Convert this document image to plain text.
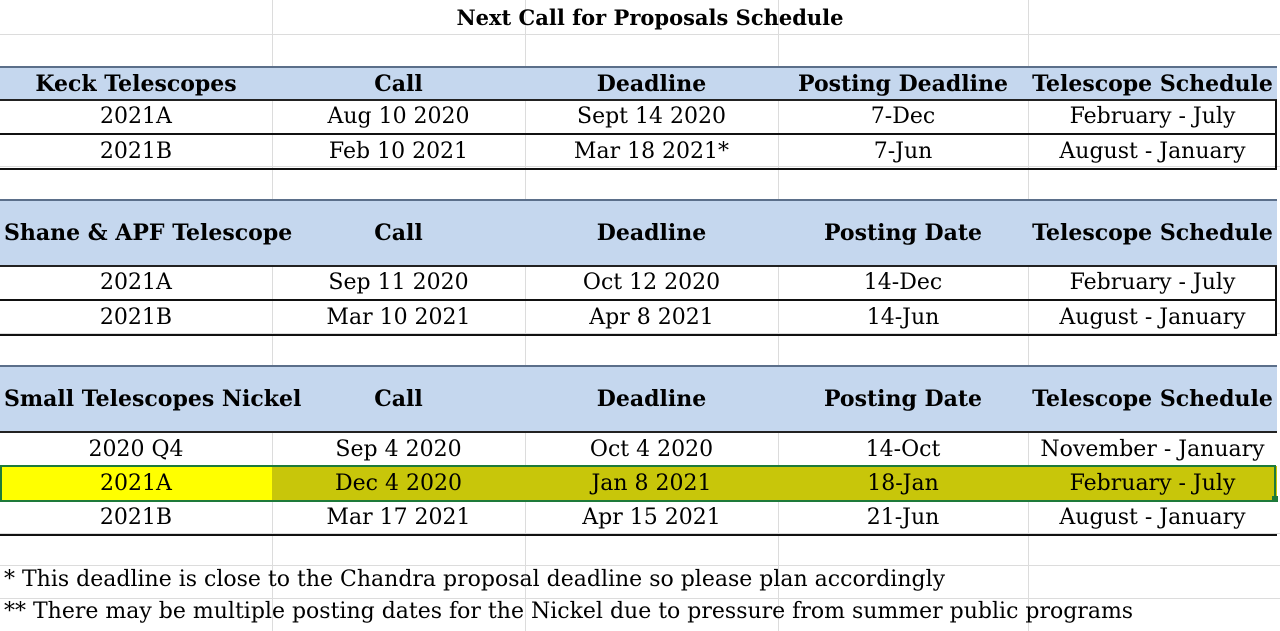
Next Call for Proposals Schedule
Keck Telescopes	Call	Deadline	Posting Deadline	Telescope Schedule
2021A	Aug 10 2020	Sept 14 2020	7-Dec	February - July
2021B	Feb 10 2021	Mar 18 2021*	7-Jun	August - January
Shane & APF Telescope	Call	Deadline	Posting Date	Telescope Schedule
2021A	Sep 11 2020	Oct 12 2020	14-Dec	February - July
2021B	Mar 10 2021	Apr 8 2021	14-Jun	August - January
Small Telescopes Nickel	Call	Deadline	Posting Date	Telescope Schedule
2020 Q4	Sep 4 2020	Oct 4 2020	14-Oct	November - January
2021A	Dec 4 2020	Jan 8 2021	18-Jan	February - July
2021B	Mar 17 2021	Apr 15 2021	21-Jun	August - January
* This deadline is close to the Chandra proposal deadline so please plan accordingly
** There may be multiple posting dates for the Nickel due to pressure from summer public programs
